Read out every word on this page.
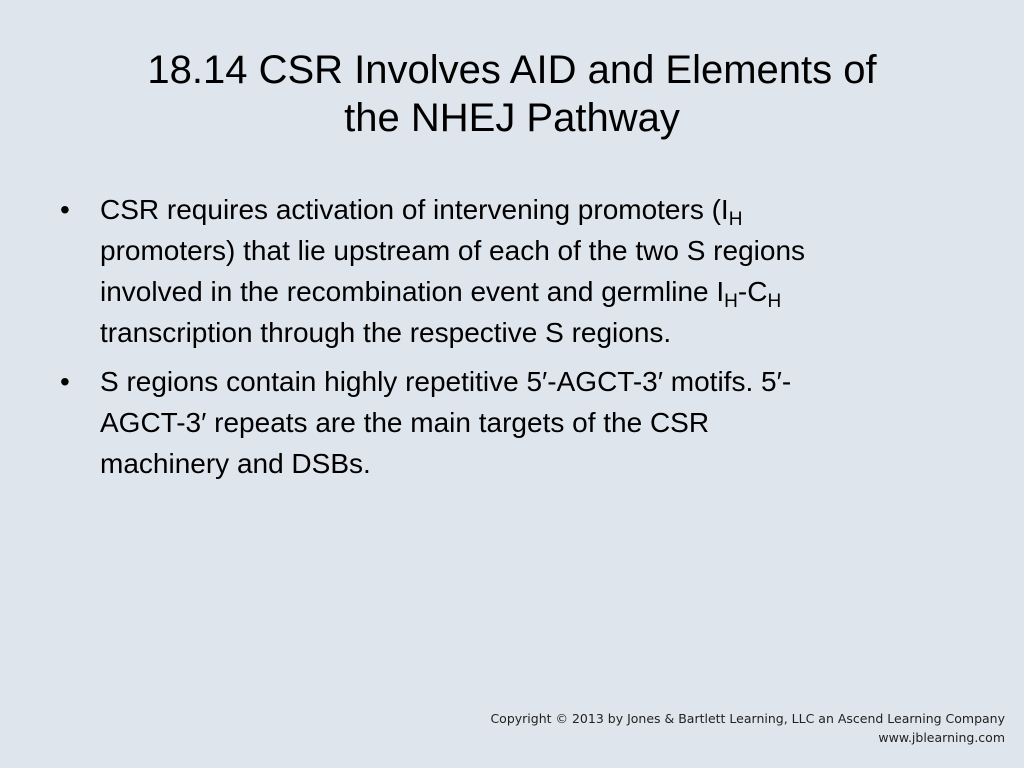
18.14 CSR Involves AID and Elements of
the NHEJ Pathway
•	CSR requires activation of intervening promoters ($I_H$
promoters) that lie upstream of each of the two S regions
involved in the recombination event and germline $I_H-C_H$
transcription through the respective S regions.
•	S regions contain highly repetitive 5′-AGCT-3′ motifs. 5′-
AGCT-3′ repeats are the main targets of the CSR
machinery and DSBs.
Copyright © 2013 by Jones & Bartlett Learning, LLC an Ascend Learning Company
www.jblearning.com
